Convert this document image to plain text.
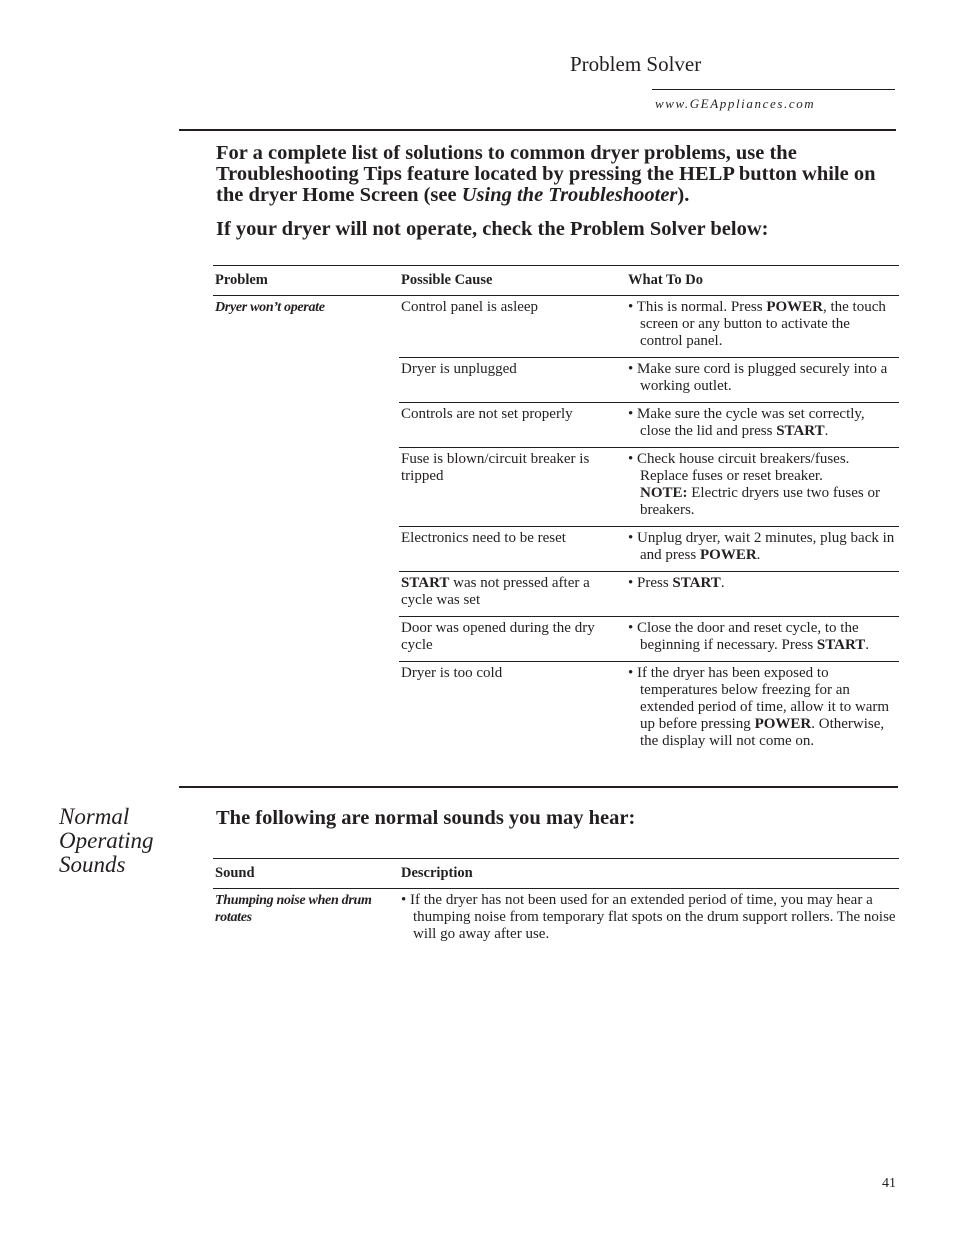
Problem Solver
www.GEAppliances.com
For a complete list of solutions to common dryer problems, use the Troubleshooting Tips feature located by pressing the HELP button while on the dryer Home Screen (see Using the Troubleshooter).
If your dryer will not operate, check the Problem Solver below:
Problem	Possible Cause	What To Do
Dryer won’t operate	Control panel is asleep	• This is normal. Press POWER, the touch screen or any button to activate the control panel.

	Dryer is unplugged	• Make sure cord is plugged securely into a working outlet.

	Controls are not set properly	• Make sure the cycle was set correctly, close the lid and press START.

	Fuse is blown/circuit breaker is tripped	• Check house circuit breakers/fuses. Replace fuses or reset breaker.
NOTE: Electric dryers use two fuses or breakers.

	Electronics need to be reset	• Unplug dryer, wait 2 minutes, plug back in and press POWER.

	START was not pressed after a cycle was set	• Press START.

	Door was opened during the dry cycle	• Close the door and reset cycle, to the beginning if necessary. Press START.

	Dryer is too cold	• If the dryer has been exposed to temperatures below freezing for an extended period of time, allow it to warm up before pressing POWER. Otherwise, the display will not come on.
Normal Operating Sounds
The following are normal sounds you may hear:
Sound	Description
Thumping noise when drum rotates	• If the dryer has not been used for an extended period of time, you may hear a thumping noise from temporary flat spots on the drum support rollers. The noise will go away after use.
41
